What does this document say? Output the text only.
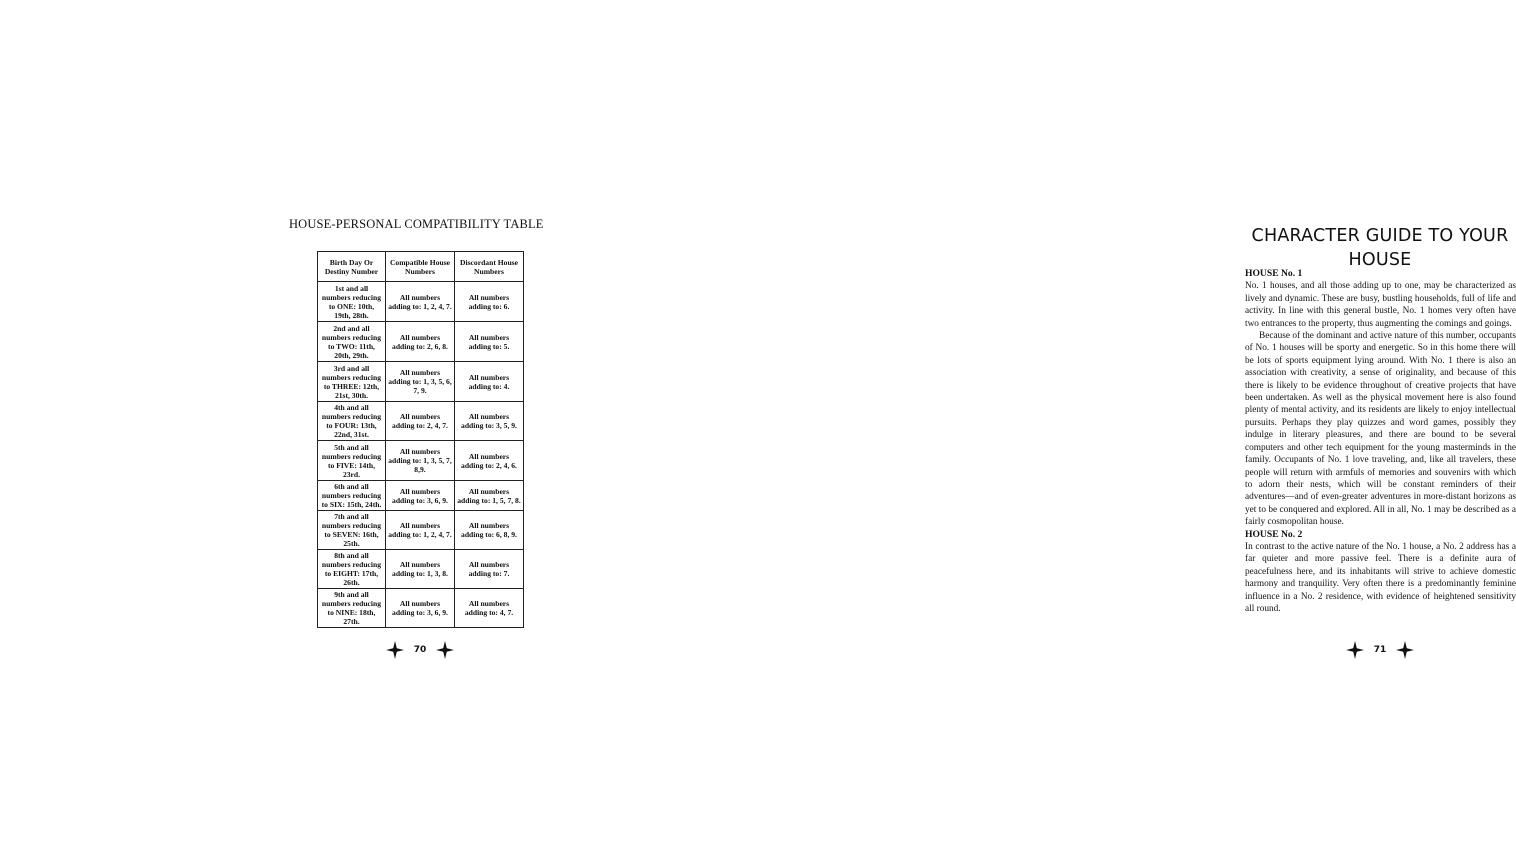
HOUSE-PERSONAL COMPATIBILITY TABLE
Birth Day Or Destiny Number	Compatible House Numbers	Discordant House Numbers
1st and all numbers reducing to ONE: 10th, 19th, 28th.	All numbers adding to: 1, 2, 4, 7.	All numbers adding to: 6.
2nd and all numbers reducing to TWO: 11th, 20th, 29th.	All numbers adding to: 2, 6, 8.	All numbers adding to: 5.
3rd and all numbers reducing to THREE: 12th, 21st, 30th.	All numbers adding to: 1, 3, 5, 6, 7, 9.	All numbers adding to: 4.
4th and all numbers reducing to FOUR: 13th, 22nd, 31st.	All numbers adding to: 2, 4, 7.	All numbers adding to: 3, 5, 9.
5th and all numbers reducing to FIVE: 14th, 23rd.	All numbers adding to: 1, 3, 5, 7, 8,9.	All numbers adding to: 2, 4, 6.
6th and all numbers reducing to SIX: 15th, 24th.	All numbers adding to: 3, 6, 9.	All numbers adding to: 1, 5, 7, 8.
7th and all numbers reducing to SEVEN: 16th, 25th.	All numbers adding to: 1, 2, 4, 7.	All numbers adding to: 6, 8, 9.
8th and all numbers reducing to EIGHT: 17th, 26th.	All numbers adding to: 1, 3, 8.	All numbers adding to: 7.
9th and all numbers reducing to NINE: 18th, 27th.	All numbers adding to: 3, 6, 9.	All numbers adding to: 4, 7.
70
CHARACTER GUIDE TO YOUR HOUSE
HOUSE No. 1

No. 1 houses, and all those adding up to one, may be characterized as lively and dynamic. These are busy, bustling households, full of life and activity. In line with this general bustle, No. 1 homes very often have two entrances to the property, thus augmenting the comings and goings.

Because of the dominant and active nature of this number, occupants of No. 1 houses will be sporty and energetic. So in this home there will be lots of sports equipment lying around. With No. 1 there is also an association with creativity, a sense of originality, and because of this there is likely to be evidence throughout of creative projects that have been undertaken. As well as the physical movement here is also found plenty of mental activity, and its residents are likely to enjoy intellectual pursuits. Perhaps they play quizzes and word games, possibly they indulge in literary pleasures, and there are bound to be several computers and other tech equipment for the young masterminds in the family. Occupants of No. 1 love traveling, and, like all travelers, these people will return with armfuls of memories and souvenirs with which to adorn their nests, which will be constant reminders of their adventures—and of even-greater adventures in more-distant horizons as yet to be conquered and explored. All in all, No. 1 may be described as a fairly cosmopolitan house.

HOUSE No. 2

In contrast to the active nature of the No. 1 house, a No. 2 address has a far quieter and more passive feel. There is a definite aura of peacefulness here, and its inhabitants will strive to achieve domestic harmony and tranquility. Very often there is a predominantly feminine influence in a No. 2 residence, with evidence of heightened sensitivity all round.

71
